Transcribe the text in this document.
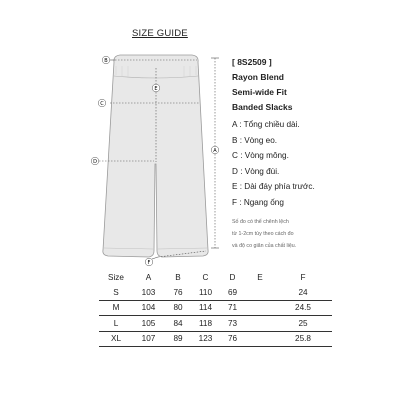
SIZE GUIDE
B
C
E
D
A
F
[ 8S2509 ]
Rayon Blend
Semi-wide Fit
Banded Slacks
A : Tổng chiều dài.
B : Vòng eo.
C : Vòng mông.
D : Vòng đùi.
E : Dài đáy phía trước.
F : Ngang ống
Số đo có thể chênh lệch
từ 1-2cm tùy theo cách đo
và độ co giãn của chất liệu.
Size	A	B	C	D	E	F
S	103	76	110	69		24
M	104	80	114	71		24.5
L	105	84	118	73		25
XL	107	89	123	76		25.8
